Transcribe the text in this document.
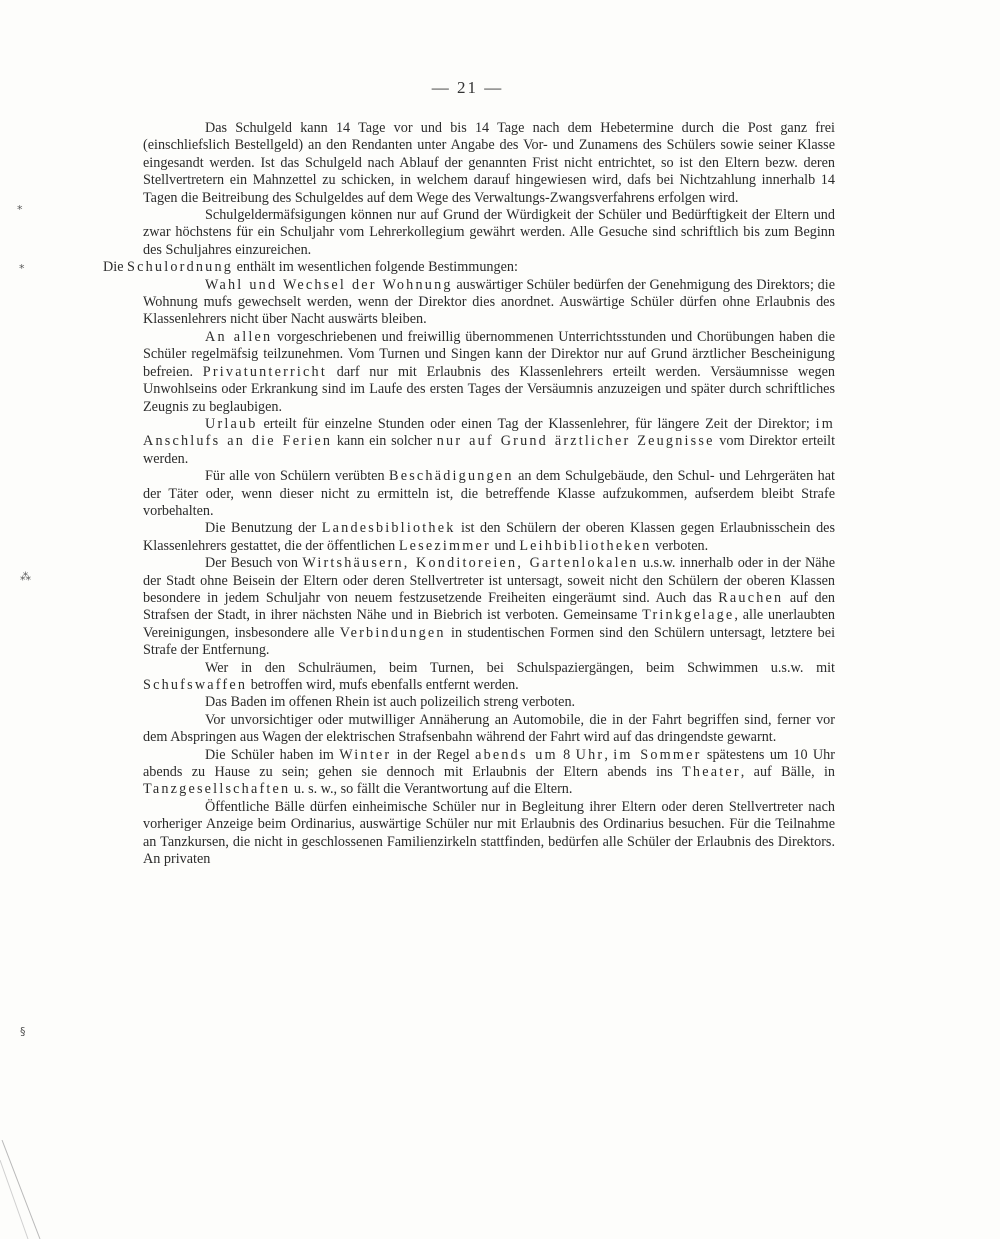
— 21 —

Das Schulgeld kann 14 Tage vor und bis 14 Tage nach dem Hebetermine durch die Post ganz frei (einschliefslich Bestellgeld) an den Rendanten unter Angabe des Vor- und Zunamens des Schülers sowie seiner Klasse eingesandt werden. Ist das Schulgeld nach Ablauf der genannten Frist nicht entrichtet, so ist den Eltern bezw. deren Stellvertretern ein Mahnzettel zu schicken, in welchem darauf hingewiesen wird, dafs bei Nichtzahlung innerhalb 14 Tagen die Beitreibung des Schulgeldes auf dem Wege des Verwaltungs-Zwangsverfahrens erfolgen wird.

Schulgeldermäfsigungen können nur auf Grund der Würdigkeit der Schüler und Bedürftigkeit der Eltern und zwar höchstens für ein Schuljahr vom Lehrerkollegium gewährt werden. Alle Gesuche sind schriftlich bis zum Beginn des Schuljahres einzureichen.

Die Schulordnung enthält im wesentlichen folgende Bestimmungen:

Wahl und Wechsel der Wohnung auswärtiger Schüler bedürfen der Genehmigung des Direktors; die Wohnung mufs gewechselt werden, wenn der Direktor dies anordnet. Auswärtige Schüler dürfen ohne Erlaubnis des Klassenlehrers nicht über Nacht auswärts bleiben.

An allen vorgeschriebenen und freiwillig übernommenen Unterrichtsstunden und Chorübungen haben die Schüler regelmäfsig teilzunehmen. Vom Turnen und Singen kann der Direktor nur auf Grund ärztlicher Bescheinigung befreien. Privatunterricht darf nur mit Erlaubnis des Klassenlehrers erteilt werden. Versäumnisse wegen Unwohlseins oder Erkrankung sind im Laufe des ersten Tages der Versäumnis anzuzeigen und später durch schriftliches Zeugnis zu beglaubigen.

Urlaub erteilt für einzelne Stunden oder einen Tag der Klassenlehrer, für längere Zeit der Direktor; im Anschlufs an die Ferien kann ein solcher nur auf Grund ärztlicher Zeugnisse vom Direktor erteilt werden.

Für alle von Schülern verübten Beschädigungen an dem Schulgebäude, den Schul- und Lehrgeräten hat der Täter oder, wenn dieser nicht zu ermitteln ist, die betreffende Klasse aufzukommen, aufserdem bleibt Strafe vorbehalten.

Die Benutzung der Landesbibliothek ist den Schülern der oberen Klassen gegen Erlaubnisschein des Klassenlehrers gestattet, die der öffentlichen Lesezimmer und Leihbibliotheken verboten.

Der Besuch von Wirtshäusern, Konditoreien, Gartenlokalen u.s.w. innerhalb oder in der Nähe der Stadt ohne Beisein der Eltern oder deren Stellvertreter ist untersagt, soweit nicht den Schülern der oberen Klassen besondere in jedem Schuljahr von neuem festzusetzende Freiheiten eingeräumt sind. Auch das Rauchen auf den Strafsen der Stadt, in ihrer nächsten Nähe und in Biebrich ist verboten. Gemeinsame Trinkgelage, alle unerlaubten Vereinigungen, insbesondere alle Verbindungen in studentischen Formen sind den Schülern untersagt, letztere bei Strafe der Entfernung.

Wer in den Schulräumen, beim Turnen, bei Schulspaziergängen, beim Schwimmen u.s.w. mit Schufswaffen betroffen wird, mufs ebenfalls entfernt werden.

Das Baden im offenen Rhein ist auch polizeilich streng verboten.

Vor unvorsichtiger oder mutwilliger Annäherung an Automobile, die in der Fahrt begriffen sind, ferner vor dem Abspringen aus Wagen der elektrischen Strafsenbahn während der Fahrt wird auf das dringendste gewarnt.

Die Schüler haben im Winter in der Regel abends um 8 Uhr, im Sommer spätestens um 10 Uhr abends zu Hause zu sein; gehen sie dennoch mit Erlaubnis der Eltern abends ins Theater, auf Bälle, in Tanzgesellschaften u. s. w., so fällt die Verantwortung auf die Eltern.

Öffentliche Bälle dürfen einheimische Schüler nur in Begleitung ihrer Eltern oder deren Stellvertreter nach vorheriger Anzeige beim Ordinarius, auswärtige Schüler nur mit Erlaubnis des Ordinarius besuchen. Für die Teilnahme an Tanzkursen, die nicht in geschlossenen Familienzirkeln stattfinden, bedürfen alle Schüler der Erlaubnis des Direktors. An privaten

*
*
⁂
§
